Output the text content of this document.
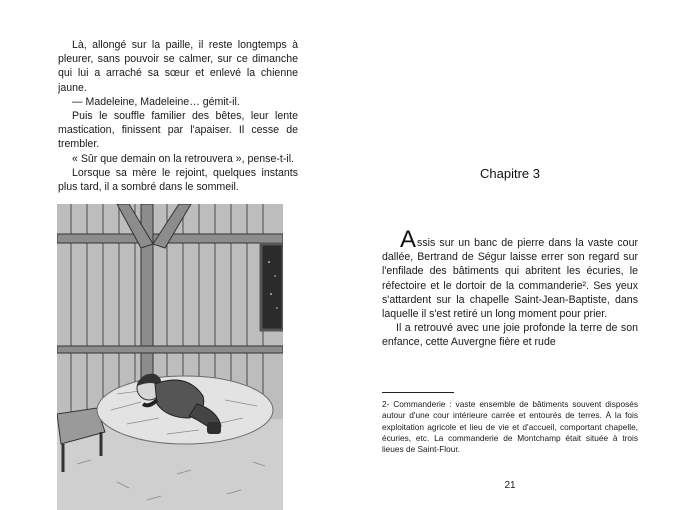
Là, allongé sur la paille, il reste longtemps à pleurer, sans pouvoir se calmer, sur ce dimanche qui lui a arraché sa sœur et enlevé la chienne jaune.

— Madeleine, Madeleine… gémit-il.

Puis le souffle familier des bêtes, leur lente mastication, finissent par l'apaiser. Il cesse de trembler.

« Sûr que demain on la retrouvera », pense-t-il.

Lorsque sa mère le rejoint, quelques instants plus tard, il a sombré dans le sommeil.

Chapitre 3

Assis sur un banc de pierre dans la vaste cour dallée, Bertrand de Ségur laisse errer son regard sur l'enfilade des bâtiments qui abritent les écuries, le réfectoire et le dortoir de la commanderie². Ses yeux s'attardent sur la chapelle Saint-Jean-Baptiste, dans laquelle il s'est retiré un long moment pour prier.

Il a retrouvé avec une joie profonde la terre de son enfance, cette Auvergne fière et rude

2- Commanderie : vaste ensemble de bâtiments souvent disposés autour d'une cour intérieure carrée et entourés de terres. À la fois exploitation agricole et lieu de vie et d'accueil, comportant chapelle, écuries, etc. La commanderie de Montchamp était située à trois lieues de Saint-Flour.

21
